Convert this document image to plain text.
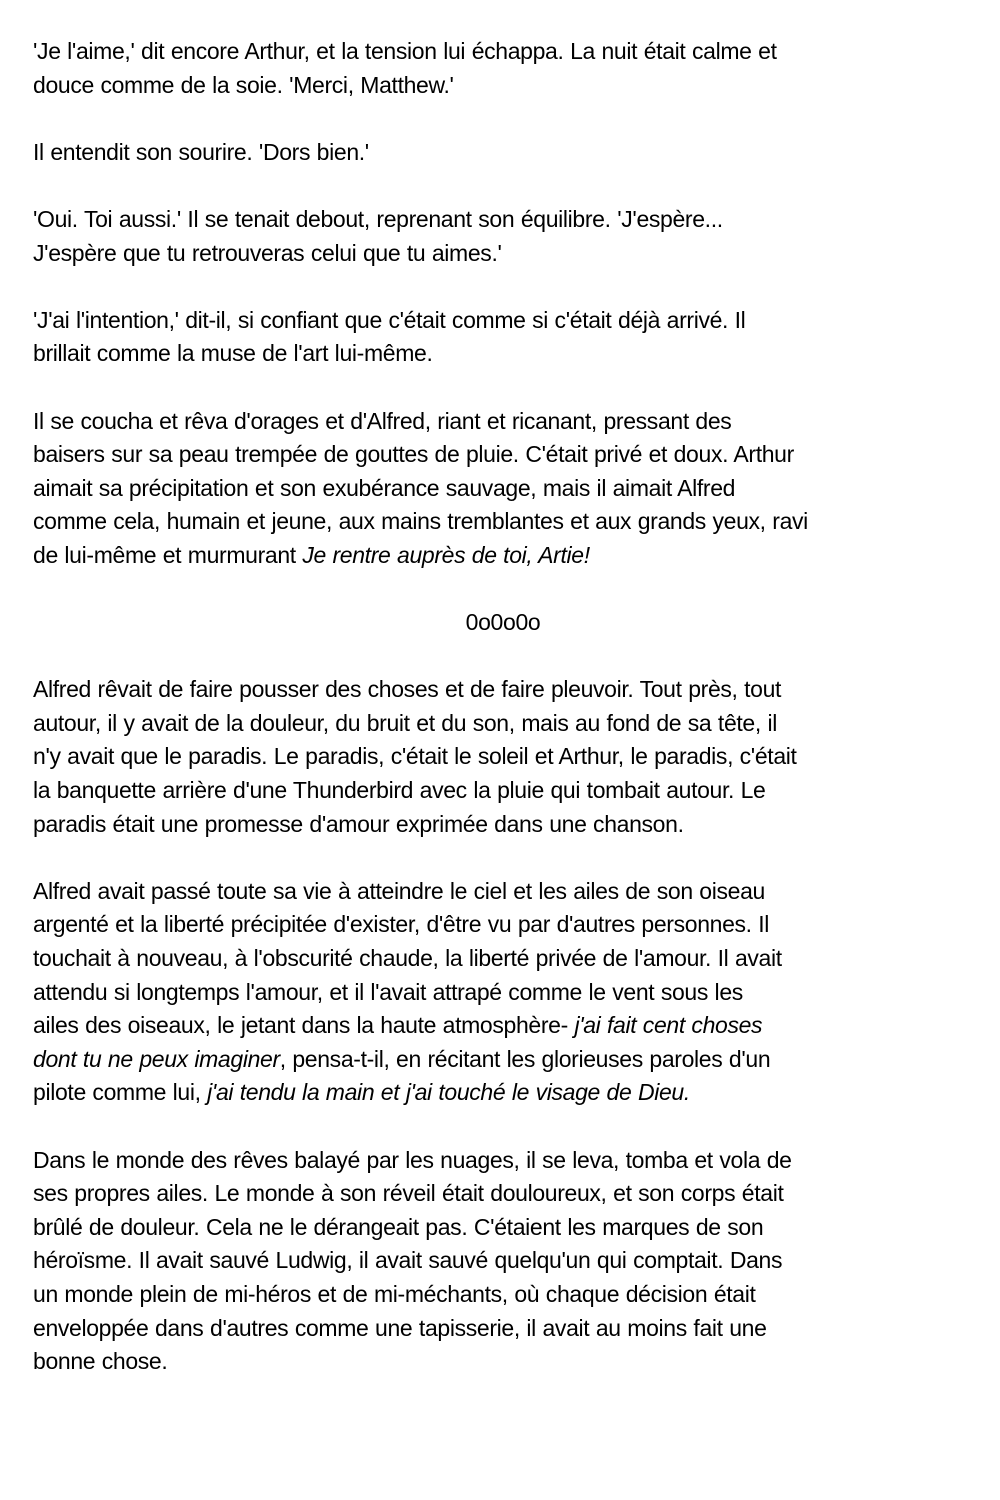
'Je l'aime,' dit encore Arthur, et la tension lui échappa. La nuit était calme et
douce comme de la soie. 'Merci, Matthew.'

Il entendit son sourire. 'Dors bien.'

'Oui. Toi aussi.' Il se tenait debout, reprenant son équilibre. 'J'espère...
J'espère que tu retrouveras celui que tu aimes.'

'J'ai l'intention,' dit-il, si confiant que c'était comme si c'était déjà arrivé. Il
brillait comme la muse de l'art lui-même.

Il se coucha et rêva d'orages et d'Alfred, riant et ricanant, pressant des
baisers sur sa peau trempée de gouttes de pluie. C'était privé et doux. Arthur
aimait sa précipitation et son exubérance sauvage, mais il aimait Alfred
comme cela, humain et jeune, aux mains tremblantes et aux grands yeux, ravi
de lui-même et murmurant Je rentre auprès de toi, Artie!

0o0o0o

Alfred rêvait de faire pousser des choses et de faire pleuvoir. Tout près, tout
autour, il y avait de la douleur, du bruit et du son, mais au fond de sa tête, il
n'y avait que le paradis. Le paradis, c'était le soleil et Arthur, le paradis, c'était
la banquette arrière d'une Thunderbird avec la pluie qui tombait autour. Le
paradis était une promesse d'amour exprimée dans une chanson.

Alfred avait passé toute sa vie à atteindre le ciel et les ailes de son oiseau
argenté et la liberté précipitée d'exister, d'être vu par d'autres personnes. Il
touchait à nouveau, à l'obscurité chaude, la liberté privée de l'amour. Il avait
attendu si longtemps l'amour, et il l'avait attrapé comme le vent sous les
ailes des oiseaux, le jetant dans la haute atmosphère- j'ai fait cent choses
dont tu ne peux imaginer, pensa-t-il, en récitant les glorieuses paroles d'un
pilote comme lui, j'ai tendu la main et j'ai touché le visage de Dieu.

Dans le monde des rêves balayé par les nuages, il se leva, tomba et vola de
ses propres ailes. Le monde à son réveil était douloureux, et son corps était
brûlé de douleur. Cela ne le dérangeait pas. C'étaient les marques de son
héroïsme. Il avait sauvé Ludwig, il avait sauvé quelqu'un qui comptait. Dans
un monde plein de mi-héros et de mi-méchants, où chaque décision était
enveloppée dans d'autres comme une tapisserie, il avait au moins fait une
bonne chose.
